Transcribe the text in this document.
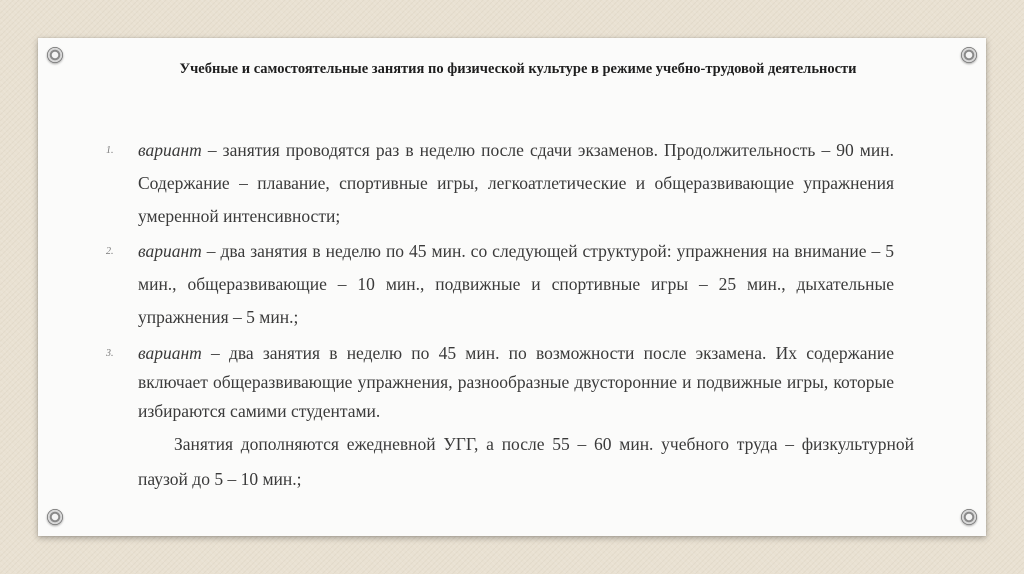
Учебные и самостоятельные занятия по физической культуре в режиме учебно-трудовой деятельности
1. вариант – занятия проводятся раз в неделю после сдачи экзаменов. Продолжительность – 90 мин. Содержание – плавание, спортивные игры, легкоатлетические и общеразвивающие упражнения умеренной интенсивности;
2. вариант – два занятия в неделю по 45 мин. со следующей структурой: упражнения на внимание – 5 мин., общеразвивающие – 10 мин., подвижные и спортивные игры – 25 мин., дыхательные упражнения – 5 мин.;
3. вариант – два занятия в неделю по 45 мин. по возможности после экзамена. Их содержание включает общеразвивающие упражнения, разнообразные двусторонние и подвижные игры, которые избираются самими студентами.
Занятия дополняются ежедневной УГГ, а после 55 – 60 мин. учебного труда – физкультурной паузой до 5 – 10 мин.;
